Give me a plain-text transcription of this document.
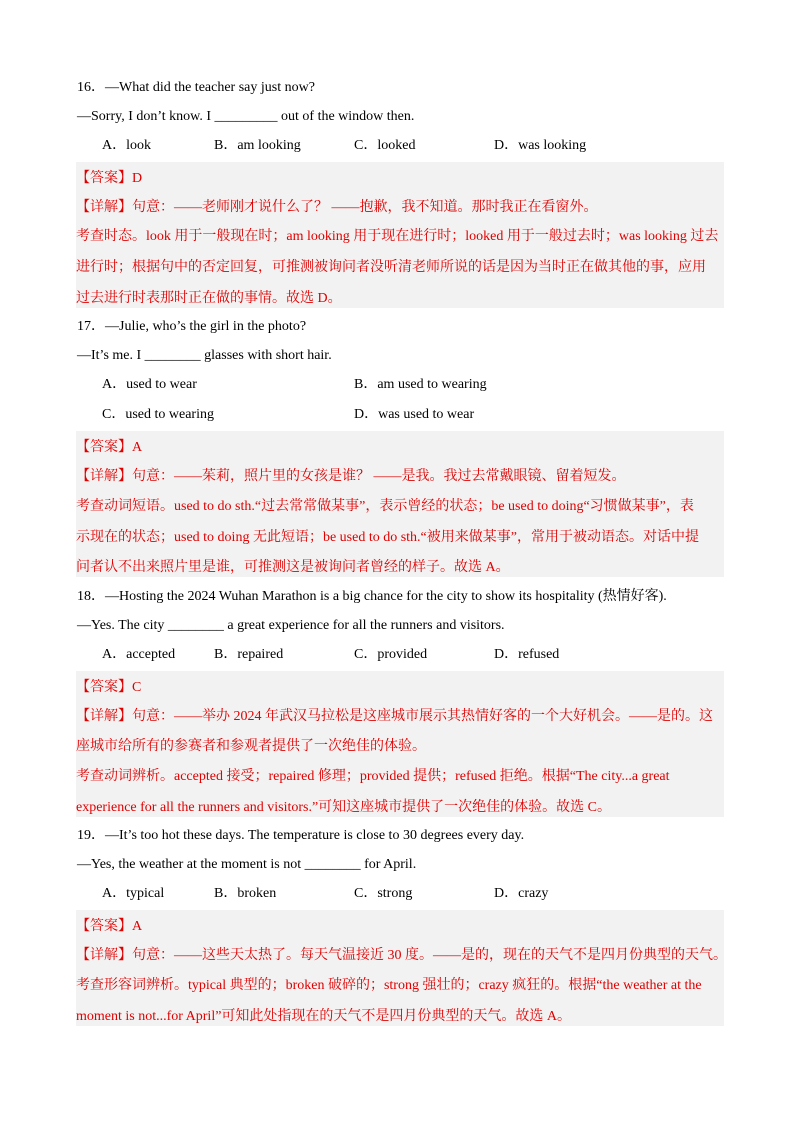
16．—What did the teacher say just now?
—Sorry, I don’t know. I _________ out of the window then.
A．look	B．am looking	C．looked	D．was looking
【答案】D
【详解】句意：——老师刚才说什么了？ ——抱歉，我不知道。那时我正在看窗外。
考查时态。look 用于一般现在时；am looking 用于现在进行时；looked 用于一般过去时；was looking 过去
进行时；根据句中的否定回复，可推测被询问者没听清老师所说的话是因为当时正在做其他的事，应用
过去进行时表那时正在做的事情。故选 D。
17．—Julie, who’s the girl in the photo?
—It’s me. I ________ glasses with short hair.
A．used to wear	B．am used to wearing
C．used to wearing	D．was used to wear
【答案】A
【详解】句意：——茱莉，照片里的女孩是谁？ ——是我。我过去常戴眼镜、留着短发。
考查动词短语。used to do sth.“过去常常做某事”，表示曾经的状态；be used to doing“习惯做某事”，表
示现在的状态；used to doing 无此短语；be used to do sth.“被用来做某事”，常用于被动语态。对话中提
问者认不出来照片里是谁，可推测这是被询问者曾经的样子。故选 A。
18．—Hosting the 2024 Wuhan Marathon is a big chance for the city to show its hospitality (热情好客).
—Yes. The city ________ a great experience for all the runners and visitors.
A．accepted	B．repaired	C．provided	D．refused
【答案】C
【详解】句意：——举办 2024 年武汉马拉松是这座城市展示其热情好客的一个大好机会。——是的。这
座城市给所有的参赛者和参观者提供了一次绝佳的体验。
考查动词辨析。accepted 接受；repaired 修理；provided 提供；refused 拒绝。根据“The city...a great
experience for all the runners and visitors.”可知这座城市提供了一次绝佳的体验。故选 C。
19．—It’s too hot these days. The temperature is close to 30 degrees every day.
—Yes, the weather at the moment is not ________ for April.
A．typical	B．broken	C．strong	D．crazy
【答案】A
【详解】句意：——这些天太热了。每天气温接近 30 度。——是的，现在的天气不是四月份典型的天气。
考查形容词辨析。typical 典型的；broken 破碎的；strong 强壮的；crazy 疯狂的。根据“the weather at the
moment is not...for April”可知此处指现在的天气不是四月份典型的天气。故选 A。
